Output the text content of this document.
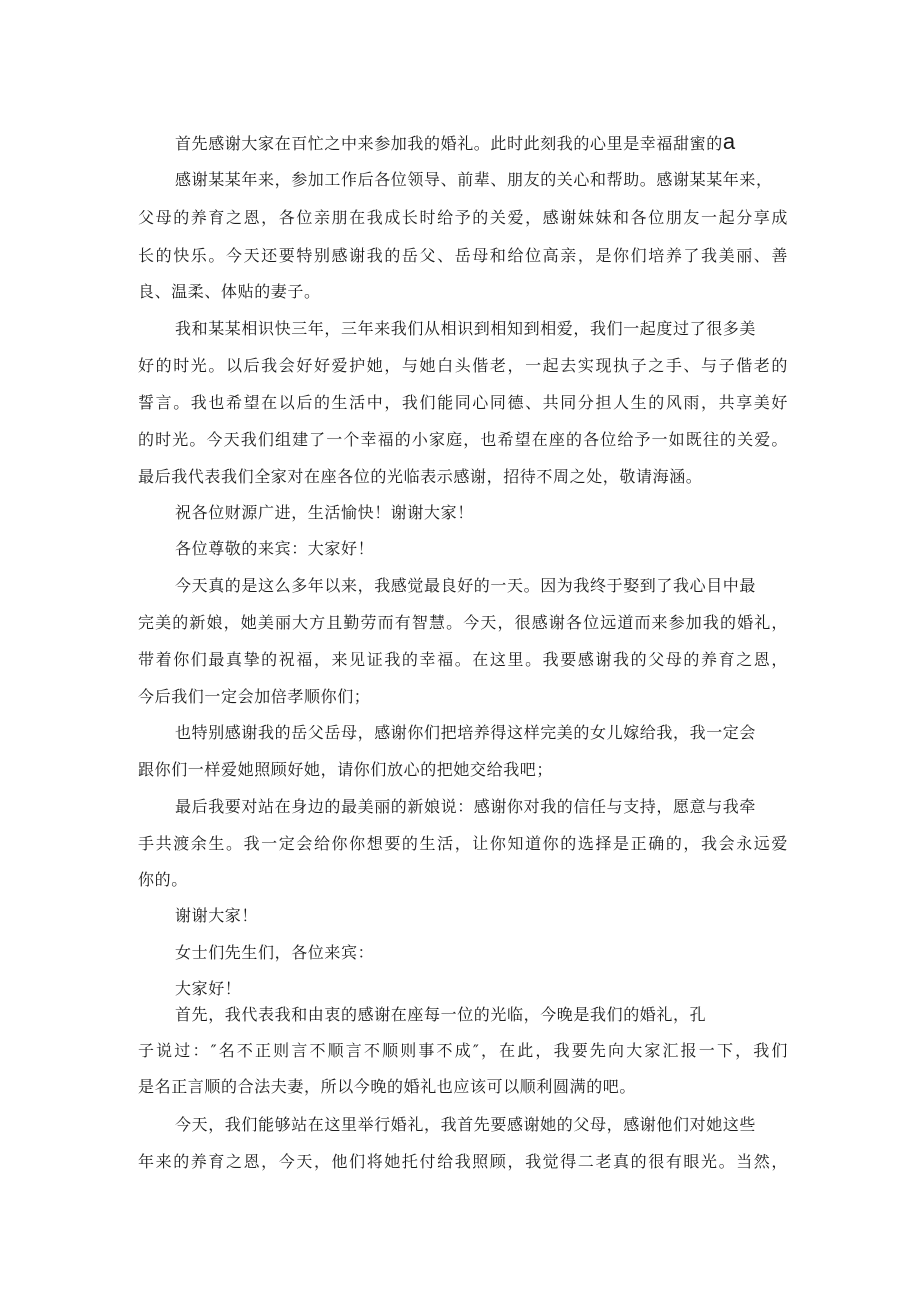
首先感谢大家在百忙之中来参加我的婚礼。此时此刻我的心里是幸福甜蜜的a
感谢某某年来，参加工作后各位领导、前辈、朋友的关心和帮助。感谢某某年来，
父母的养育之恩，各位亲朋在我成长时给予的关爱，感谢妹妹和各位朋友一起分享成
长的快乐。今天还要特别感谢我的岳父、岳母和给位高亲，是你们培养了我美丽、善
良、温柔、体贴的妻子。
我和某某相识快三年，三年来我们从相识到相知到相爱，我们一起度过了很多美
好的时光。以后我会好好爱护她，与她白头偕老，一起去实现执子之手、与子偕老的
誓言。我也希望在以后的生活中，我们能同心同德、共同分担人生的风雨，共享美好
的时光。今天我们组建了一个幸福的小家庭，也希望在座的各位给予一如既往的关爱。
最后我代表我们全家对在座各位的光临表示感谢，招待不周之处，敬请海涵。
祝各位财源广进，生活愉快！谢谢大家！
各位尊敬的来宾：大家好！
今天真的是这么多年以来，我感觉最良好的一天。因为我终于娶到了我心目中最
完美的新娘，她美丽大方且勤劳而有智慧。今天，很感谢各位远道而来参加我的婚礼，
带着你们最真挚的祝福，来见证我的幸福。在这里。我要感谢我的父母的养育之恩，
今后我们一定会加倍孝顺你们；
也特别感谢我的岳父岳母，感谢你们把培养得这样完美的女儿嫁给我，我一定会
跟你们一样爱她照顾好她，请你们放心的把她交给我吧；
最后我要对站在身边的最美丽的新娘说：感谢你对我的信任与支持，愿意与我牵
手共渡余生。我一定会给你你想要的生活，让你知道你的选择是正确的，我会永远爱
你的。
谢谢大家！
女士们先生们，各位来宾：
大家好！
首先，我代表我和由衷的感谢在座每一位的光临，今晚是我们的婚礼，孔
子说过：″名不正则言不顺言不顺则事不成″，在此，我要先向大家汇报一下，我们
是名正言顺的合法夫妻，所以今晚的婚礼也应该可以顺利圆满的吧。
今天，我们能够站在这里举行婚礼，我首先要感谢她的父母，感谢他们对她这些
年来的养育之恩，今天，他们将她托付给我照顾，我觉得二老真的很有眼光。当然，
